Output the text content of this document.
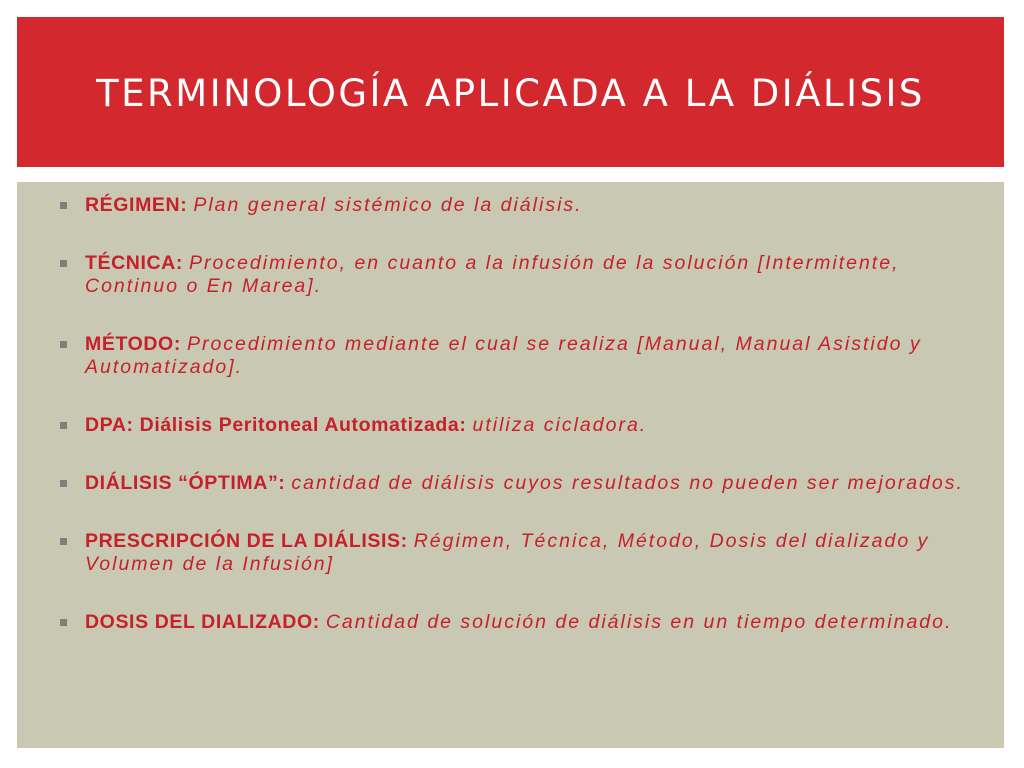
TERMINOLOGÍA APLICADA A LA DIÁLISIS
RÉGIMEN: Plan general sistémico de la diálisis.
TÉCNICA: Procedimiento, en cuanto a la infusión de la solución [Intermitente, Continuo o En Marea].
MÉTODO: Procedimiento mediante el cual se realiza [Manual, Manual Asistido y Automatizado].
DPA: Diálisis Peritoneal Automatizada: utiliza cicladora.
DIÁLISIS “ÓPTIMA”: cantidad de diálisis cuyos resultados no pueden ser mejorados.
PRESCRIPCIÓN DE LA DIÁLISIS: Régimen, Técnica, Método, Dosis del dializado y Volumen de la Infusión]
DOSIS DEL DIALIZADO: Cantidad de solución de diálisis en un tiempo determinado.
